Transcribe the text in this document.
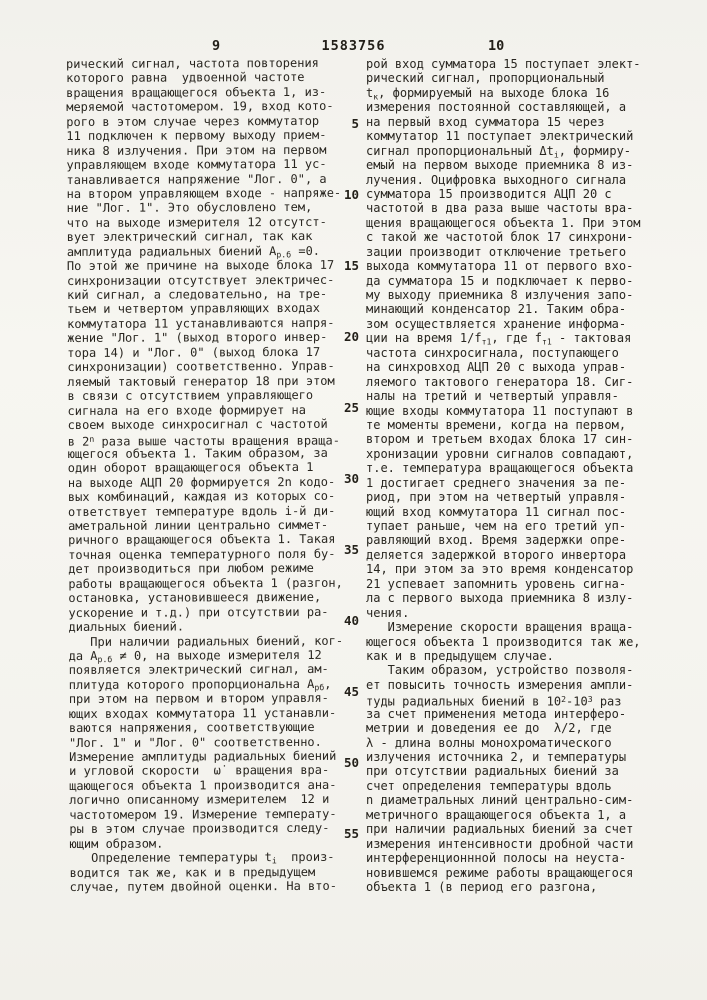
9	1583756	10
рический сигнал, частота повторения
которого равна  удвоенной частоте
вращения вращающегося объекта 1, из-
меряемой частотомером. 19, вход кото-
рого в этом случае через коммутатор
11 подключен к первому выходу прием-
ника 8 излучения. При этом на первом
управляющем входе коммутатора 11 ус-
танавливается напряжение "Лог. 0", а
на втором управляющем входе - напряже-
ние "Лог. 1". Это обусловлено тем,
что на выходе измерителя 12 отсутст-
вует электрический сигнал, так как
амплитуда радиальных биений $А_{р.б} =0$.
По этой же причине на выходе блока 17
синхронизации отсутствует электричес-
кий сигнал, а следовательно, на тре-
тьем и четвертом управляющих входах
коммутатора 11 устанавливаются напря-
жение "Лог. 1" (выход второго инвер-
тора 14) и "Лог. 0" (выход блока 17
синхронизации) соответственно. Управ-
ляемый тактовый генератор 18 при этом
в связи с отсутствием управляющего
сигнала на его входе формирует на
своем выходе синхросигнал с частотой
в 2$^n$ раза выше частоты вращения враща-
ющегося объекта 1. Таким образом, за
один оборот вращающегося объекта 1
на выходе АЦП 20 формируется 2n кодо-
вых комбинаций, каждая из которых со-
ответствует температуре вдоль i-й ди-
аметральной линии центрально симмет-
ричного вращающегося объекта 1. Такая
точная оценка температурного поля бу-
дет производиться при любом режиме
работы вращающегося объекта 1 (разгон,
остановка, установившееся движение,
ускорение и т.д.) при отсутствии ра-
диальных биений.
При наличии радиальных биений, ког-
да $А_{р.б} \ne 0$, на выходе измерителя 12
появляется электрический сигнал, ам-
плитуда которого пропорциональна $А_{рб}$,
при этом на первом и втором управля-
ющих входах коммутатора 11 устанавли-
ваются напряжения, соответствующие
"Лог. 1" и "Лог. 0" соответственно.
Измерение амплитуды радиальных биений
и угловой скорости  ω̇  вращения вра-
щающегося объекта 1 производится ана-
логично описанному измерителем  12 и
частотомером 19. Измерение температу-
ры в этом случае производится следу-
ющим образом.
Определение температуры $t_i$  произ-
водится так же, как и в предыдущем
случае, путем двойной оценки. На вто-
5
10
15
20
25
30
35
40
45
50
55
рой вход сумматора 15 поступает элект-
рический сигнал, пропорциональный
$t_к$, формируемый на выходе блока 16
измерения постоянной составляющей, а
на первый вход сумматора 15 через
коммутатор 11 поступает электрический
сигнал пропорциональный $\Delta t_i$, формиру-
емый на первом выходе приемника 8 из-
лучения. Оцифровка выходного сигнала
сумматора 15 производится АЦП 20 с
частотой в два раза выше частоты вра-
щения вращающегося объекта 1. При этом
с такой же частотой блок 17 синхрони-
зации производит отключение третьего
выхода коммутатора 11 от первого вхо-
да сумматора 15 и подключает к перво-
му выходу приемника 8 излучения запо-
минающий конденсатор 21. Таким обра-
зом осуществляется хранение информа-
ции на время $1/f_{т1}$, где $f_{т1}$ - тактовая
частота синхросигнала, поступающего
на синхровход АЦП 20 с выхода управ-
ляемого тактового генератора 18. Сиг-
налы на третий и четвертый управля-
ющие входы коммутатора 11 поступают в
те моменты времени, когда на первом,
втором и третьем входах блока 17 син-
хронизации уровни сигналов совпадают,
т.е. температура вращающегося объекта
1 достигает среднего значения за пе-
риод, при этом на четвертый управля-
ющий вход коммутатора 11 сигнал пос-
тупает раньше, чем на его третий уп-
равляющий вход. Время задержки опре-
деляется задержкой второго инвертора
14, при этом за это время конденсатор
21 успевает запомнить уровень сигна-
ла с первого выхода приемника 8 излу-
чения.
Измерение скорости вращения враща-
ющегося объекта 1 производится так же,
как и в предыдущем случае.
Таким образом, устройство позволя-
ет повысить точность измерения ампли-
туды радиальных биений в $10^2-10^3$ раз
за счет применения метода интерферо-
метрии и доведения ее до  λ/2, где
λ - длина волны монохроматического
излучения источника 2, и температуры
при отсутствии радиальных биений за
счет определения температуры вдоль
n диаметральных линий центрально-сим-
метричного вращающегося объекта 1, а
при наличии радиальных биений за счет
измерения интенсивности дробной части
интерференционнной полосы на неуста-
новившемся режиме работы вращающегося
объекта 1 (в период его разгона,
